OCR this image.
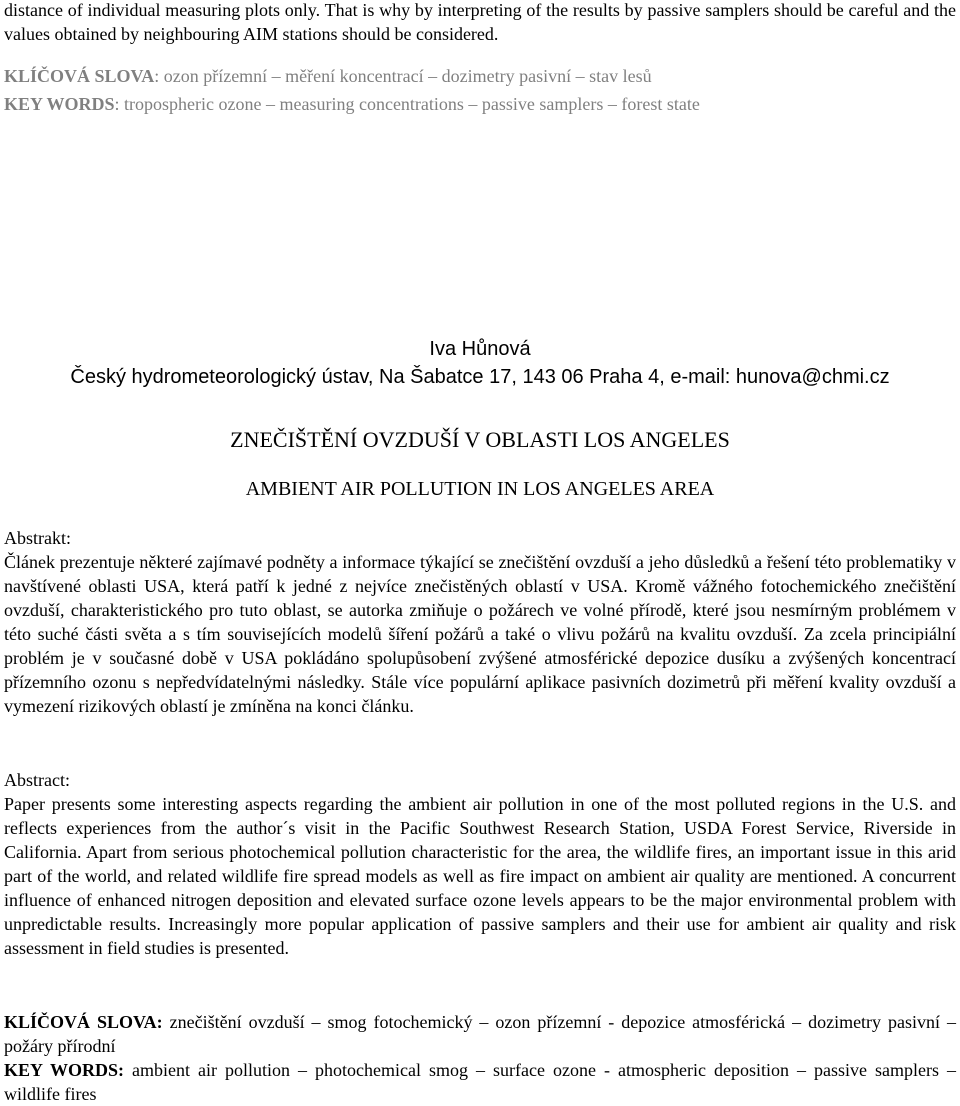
distance of individual measuring plots only. That is why by interpreting of the results by passive samplers should be careful and the values obtained by neighbouring AIM stations should be considered.
KLÍČOVÁ SLOVA: ozon přízemní – měření koncentrací – dozimetry pasivní – stav lesů
KEY WORDS: tropospheric ozone – measuring concentrations – passive samplers – forest state
Iva Hůnová
Český hydrometeorologický ústav, Na Šabatce 17, 143 06 Praha 4, e-mail: hunova@chmi.cz
ZNEČIŠTĚNÍ OVZDUŠÍ V OBLASTI LOS ANGELES
AMBIENT AIR POLLUTION IN LOS ANGELES AREA
Abstrakt:
Článek prezentuje některé zajímavé podněty a informace týkající se znečištění ovzduší a jeho důsledků a řešení této problematiky v navštívené oblasti USA, která patří k jedné z nejvíce znečistěných oblastí v USA. Kromě vážného fotochemického znečištění ovzduší, charakteristického pro tuto oblast, se autorka zmiňuje o požárech ve volné přírodě, které jsou nesmírným problémem v této suché části světa a s tím souvisejících modelů šíření požárů a také o vlivu požárů na kvalitu ovzduší. Za zcela principiální problém je v současné době v USA pokládáno spolupůsobení zvýšené atmosférické depozice dusíku a zvýšených koncentrací přízemního ozonu s nepředvídatelnými následky. Stále více populární aplikace pasivních dozimetrů při měření kvality ovzduší a vymezení rizikových oblastí je zmíněna na konci článku.
Abstract:
Paper presents some interesting aspects regarding the ambient air pollution in one of the most polluted regions in the U.S. and reflects experiences from the author´s visit in the Pacific Southwest Research Station, USDA Forest Service, Riverside in California. Apart from serious photochemical pollution characteristic for the area, the wildlife fires, an important issue in this arid part of the world, and related wildlife fire spread models as well as fire impact on ambient air quality are mentioned. A concurrent influence of enhanced nitrogen deposition and elevated surface ozone levels appears to be the major environmental problem with unpredictable results. Increasingly more popular application of passive samplers and their use for ambient air quality and risk assessment in field studies is presented.
KLÍČOVÁ SLOVA: znečištění ovzduší – smog fotochemický – ozon přízemní - depozice atmosférická – dozimetry pasivní – požáry přírodní
KEY WORDS: ambient air pollution – photochemical smog – surface ozone - atmospheric deposition – passive samplers – wildlife fires
